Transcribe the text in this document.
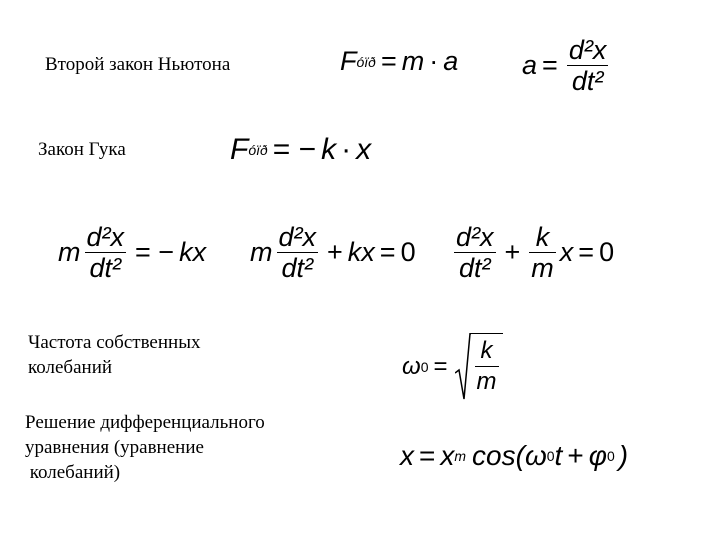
Второй закон Ньютона	F óïð = m · a $a = \frac{\text{d²x}}{\text{dt²}}$
Закон Гука	F óïð = − k · x
m $\frac{\text{d²x}}{\text{dt²}}$ = − k x m $\frac{\text{d²x}}{\text{dt²}} + k$ $x = 0 \frac{\text{d²x}}{\text{dt²}} + \frac{k}{m}$ x = 0
Частота собственных
колебаний	ω $0 = \frac{k}{m}$
Решение дифференциального
уравнения (уравнение
колебаний)
x = x m cos( ω 0 t + φ 0 )
